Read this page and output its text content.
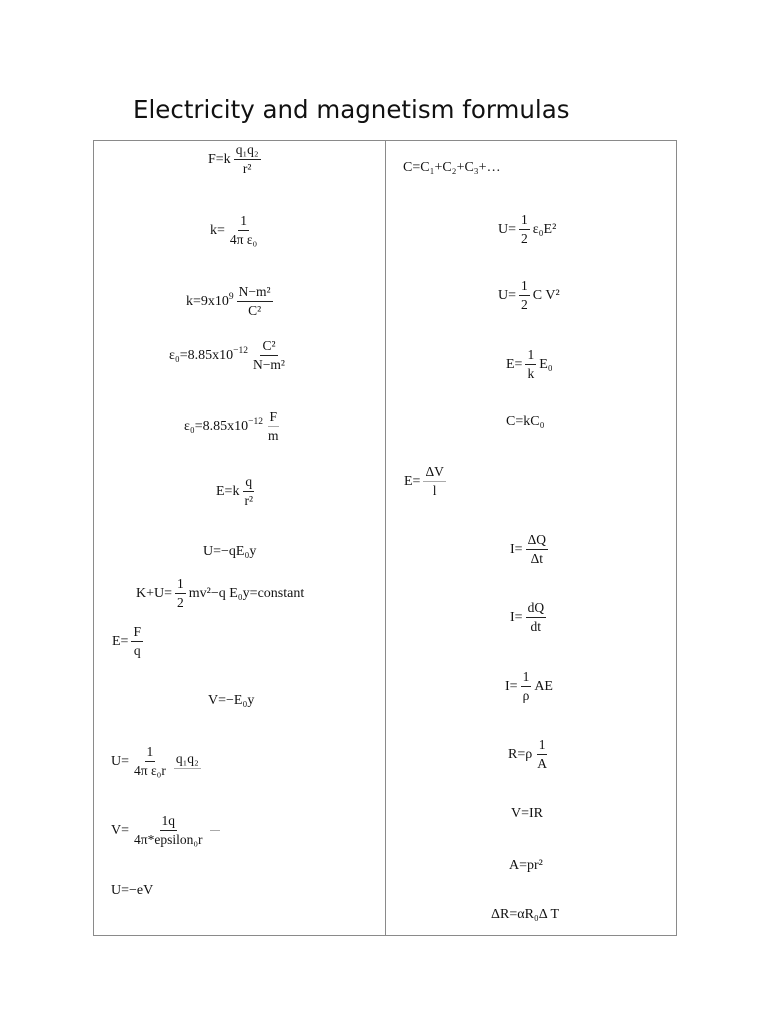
Electricity and magnetism formulas
$F=k \frac{\text{q₁q₂}}{\text{r²}}$
$k= \frac{1}{\text{4π ε₀}}$
$k=9x10^9 \frac{\text{N−m²}}{\text{C²}}$
$\varepsilon_0=8.85x10^{-12} \frac{\text{C²}}{\text{N−m²}}$
$\varepsilon_0=8.85x10^{-12} \frac{F}{m}$
$E=k \frac{q}{\text{r²}}$
U=−qE₀y
$K+U= \frac{1}{2} mv^2-q$ E₀y=constant
$E= \frac{F}{q}$
V=−E₀y
$U= \frac{1}{\text{4π ε₀r}} q_1q_2$
$V= \frac{1q}{\text{4π*epsilon₀r}}$
U=−eV
C=C₁+C₂+C₃+…
$U= \frac{1}{2} \varepsilon_0E^2$
$U= \frac{1}{2}$ C V²
$E= \frac{1}{k} E_0$
C=kC₀
$E= \frac{\Delta V}{l}$
$I= \frac{\Delta Q}{\Delta t}$
$I= \frac{dQ}{dt}$
$I= \frac{1}{\rho}$ AE
$R=\rho \frac{1}{A}$
V=IR
A=pr²
ΔR=αR₀Δ T
